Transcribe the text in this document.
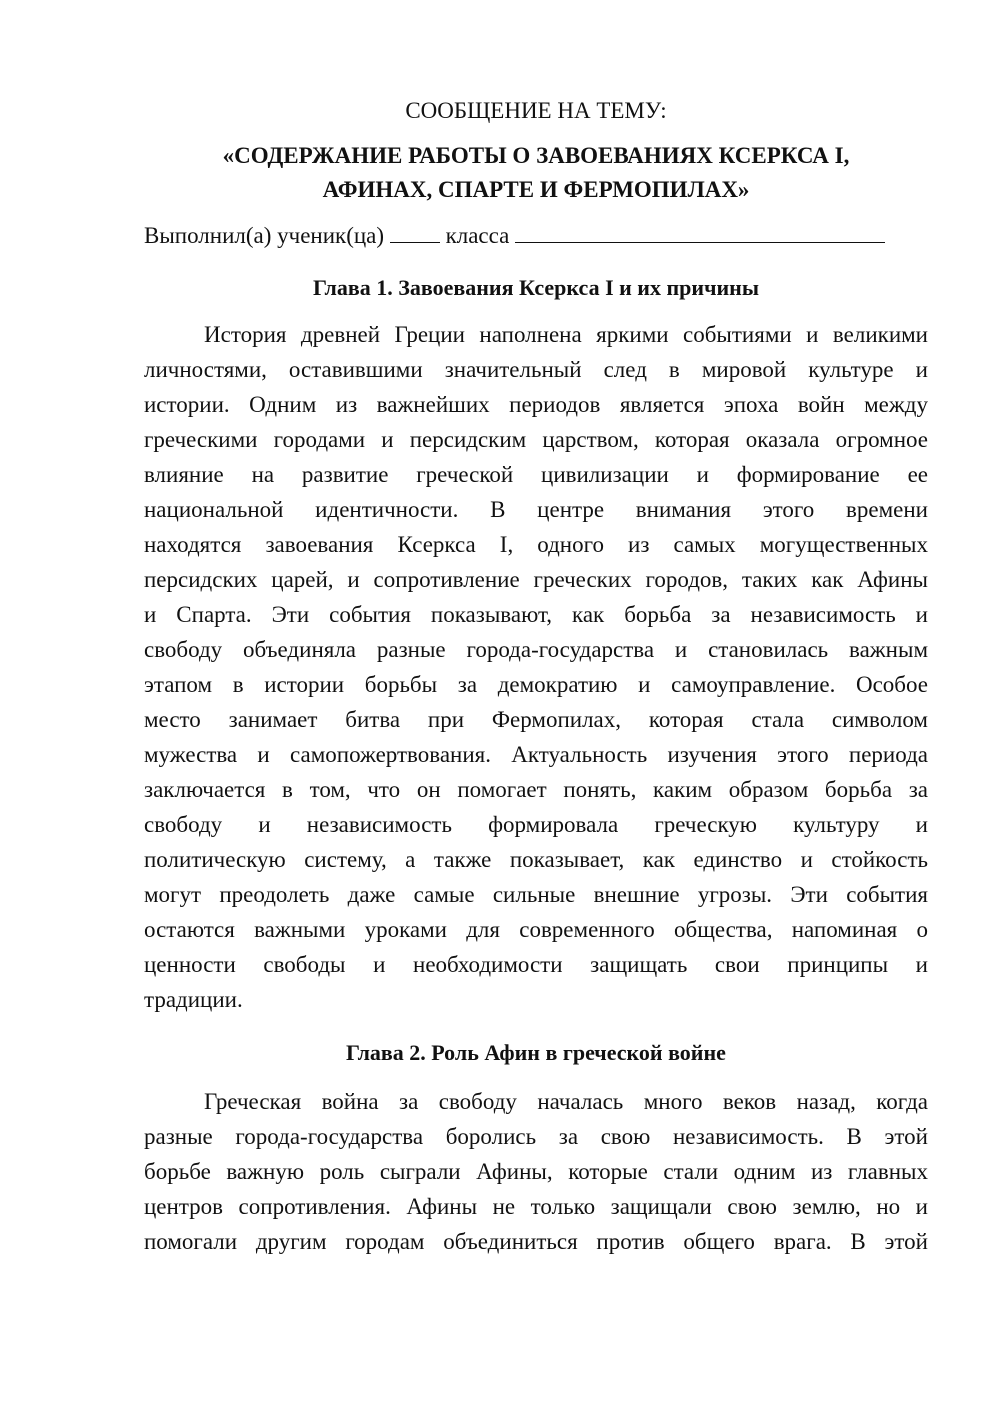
СООБЩЕНИЕ НА ТЕМУ:

«СОДЕРЖАНИЕ РАБОТЫ О ЗАВОЕВАНИЯХ КСЕРКСА I,
АФИНАХ, СПАРТЕ И ФЕРМОПИЛАХ»

Выполнил(а) ученик(ца)	класса

Глава 1. Завоевания Ксеркса I и их причины
История древней Греции наполнена яркими событиями и великими
личностями, оставившими значительный след в мировой культуре и
истории. Одним из важнейших периодов является эпоха войн между
греческими городами и персидским царством, которая оказала огромное
влияние на развитие греческой цивилизации и формирование ее
национальной идентичности. В центре внимания этого времени
находятся завоевания Ксеркса I, одного из самых могущественных
персидских царей, и сопротивление греческих городов, таких как Афины
и Спарта. Эти события показывают, как борьба за независимость и
свободу объединяла разные города-государства и становилась важным
этапом в истории борьбы за демократию и самоуправление. Особое
место занимает битва при Фермопилах, которая стала символом
мужества и самопожертвования. Актуальность изучения этого периода
заключается в том, что он помогает понять, каким образом борьба за
свободу и независимость формировала греческую культуру и
политическую систему, а также показывает, как единство и стойкость
могут преодолеть даже самые сильные внешние угрозы. Эти события
остаются важными уроками для современного общества, напоминая о
ценности свободы и необходимости защищать свои принципы и
традиции.
Глава 2. Роль Афин в греческой войне
Греческая война за свободу началась много веков назад, когда
разные города-государства боролись за свою независимость. В этой
борьбе важную роль сыграли Афины, которые стали одним из главных
центров сопротивления. Афины не только защищали свою землю, но и
помогали другим городам объединиться против общего врага. В этой
